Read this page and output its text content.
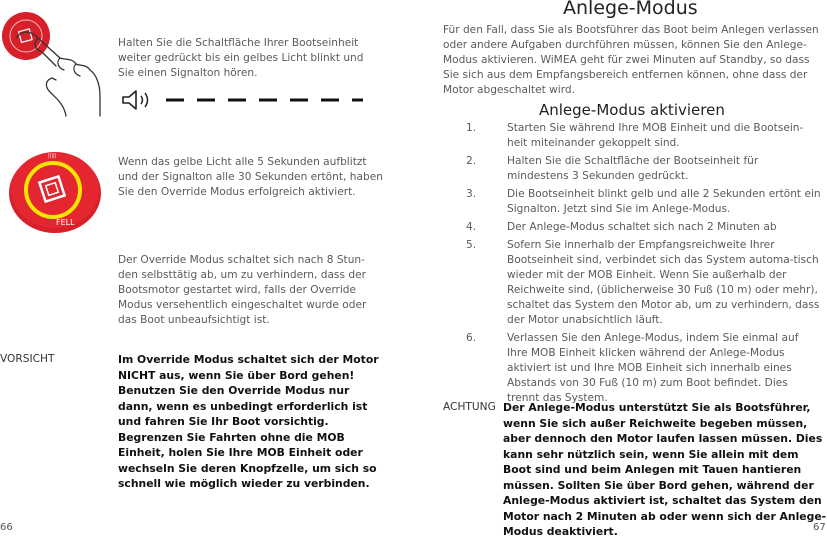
Halten Sie die Schaltfläche Ihrer Bootseinheit weiter gedrückt bis ein gelbes Licht blinkt und Sie einen Signalton hören.

|||||
FELL

Wenn das gelbe Licht alle 5 Sekunden aufblitzt und der Signalton alle 30 Sekunden ertönt, haben Sie den Override Modus erfolgreich aktiviert.

Der Override Modus schaltet sich nach 8 Stun-den selbsttätig ab, um zu verhindern, dass der Bootsmotor gestartet wird, falls der Override Modus versehentlich eingeschaltet wurde oder das Boot unbeaufsichtigt ist.

VORSICHT	Im Override Modus schaltet sich der Motor NICHT aus, wenn Sie über Bord gehen! Benutzen Sie den Override Modus nur dann, wenn es unbedingt erforderlich ist und fahren Sie Ihr Boot vorsichtig. Begrenzen Sie Fahrten ohne die MOB Einheit, holen Sie Ihre MOB Einheit oder wechseln Sie deren Knopfzelle, um sich so schnell wie möglich wieder zu verbinden.

66
Anlege-Modus

Für den Fall, dass Sie als Bootsführer das Boot beim Anlegen verlassen oder andere Aufgaben durchführen müssen, können Sie den Anlege-Modus aktivieren. WiMEA geht für zwei Minuten auf Standby, so dass Sie sich aus dem Empfangsbereich entfernen können, ohne dass der Motor abgeschaltet wird.

Anlege-Modus aktivieren
1.	Starten Sie während Ihre MOB Einheit und die Bootsein-heit miteinander gekoppelt sind.
2.	Halten Sie die Schaltfläche der Bootseinheit für mindestens 3 Sekunden gedrückt.
3.	Die Bootseinheit blinkt gelb und alle 2 Sekunden ertönt ein Signalton. Jetzt sind Sie im Anlege-Modus.
4.	Der Anlege-Modus schaltet sich nach 2 Minuten ab
5.	Sofern Sie innerhalb der Empfangsreichweite Ihrer Bootseinheit sind, verbindet sich das System automa-tisch wieder mit der MOB Einheit. Wenn Sie außerhalb der Reichweite sind, (üblicherweise 30 Fuß (10 m) oder mehr), schaltet das System den Motor ab, um zu verhindern, dass der Motor unabsichtlich läuft.
6.	Verlassen Sie den Anlege-Modus, indem Sie einmal auf Ihre MOB Einheit klicken während der Anlege-Modus aktiviert ist und Ihre MOB Einheit sich innerhalb eines Abstands von 30 Fuß (10 m) zum Boot befindet. Dies trennt das System.
ACHTUNG Der Anlege-Modus unterstützt Sie als Bootsführer, wenn Sie sich außer Reichweite begeben müssen, aber dennoch den Motor laufen lassen müssen. Dies kann sehr nützlich sein, wenn Sie allein mit dem Boot sind und beim Anlegen mit Tauen hantieren müssen. Sollten Sie über Bord gehen, während der Anlege-Modus aktiviert ist, schaltet das System den Motor nach 2 Minuten ab oder wenn sich der Anlege-Modus deaktiviert.	67
